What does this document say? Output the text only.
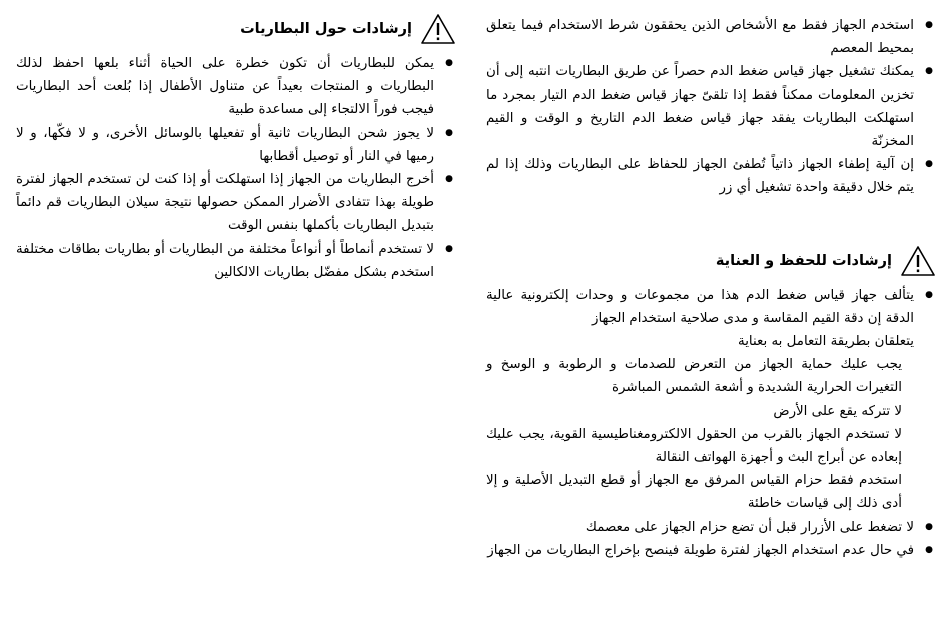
● استخدم الجهاز فقط مع الأشخاص الذين يحققون شرط الاستخدام فيما يتعلق بمحيط المعصم
● يمكنك تشغيل جهاز قياس ضغط الدم حصراً عن طريق البطاريات انتبه إلى أن تخزين المعلومات ممكناً فقط إذا تلقىّ جهاز قياس ضغط الدم التيار بمجرد ما استهلكت البطاريات يفقد جهاز قياس ضغط الدم التاريخ و الوقت و القيم المخزنّة
● إن آلية إطفاء الجهاز ذاتياً تُطفئ الجهاز للحفاظ على البطاريات وذلك إذا لم يتم خلال دقيقة واحدة تشغيل أي زر
إرشادات للحفظ و العناية
● يتألف جهاز قياس ضغط الدم هذا من مجموعات و وحدات إلكترونية عالية الدقة إن دقة القيم المقاسة و مدى صلاحية استخدام الجهاز
يتعلقان بطريقة التعامل به بعناية
يجب عليك حماية الجهاز من التعرض للصدمات و الرطوبة و الوسخ و التغيرات الحرارية الشديدة و أشعة الشمس المباشرة
لا تتركه يقع على الأرض
لا تستخدم الجهاز بالقرب من الحقول الالكترومغناطيسية القوية، يجب عليك إبعاده عن أبراج البث و أجهزة الهواتف النقالة
استخدم فقط حزام القياس المرفق مع الجهاز أو قطع التبديل الأصلية و إلا أدى ذلك إلى قياسات خاطئة
● لا تضغط على الأزرار قبل أن تضع حزام الجهاز على معصمك
● في حال عدم استخدام الجهاز لفترة طويلة فينصح بإخراج البطاريات من الجهاز
إرشادات حول البطاريات
● يمكن للبطاريات أن تكون خطرة على الحياة أثناء بلعها احفظ لذلك البطاريات و المنتجات بعيداً عن متناول الأطفال إذا بُلعت أحد البطاريات فيجب فوراً الالتجاء إلى مساعدة طبية
● لا يجوز شحن البطاريات ثانية أو تفعيلها بالوسائل الأخرى، و لا فكّها، و لا رميها في النار أو توصيل أقطابها
● أخرج البطاريات من الجهاز إذا استهلكت أو إذا كنت لن تستخدم الجهاز لفترة طويلة بهذا تتفادى الأضرار الممكن حصولها نتيجة سيلان البطاريات قم دائماً بتبديل البطاريات بأكملها بنفس الوقت
● لا تستخدم أنماطاً أو أنواعاً مختلفة من البطاريات أو بطاريات بطاقات مختلفة استخدم بشكل مفضّل بطاريات الالكالين
